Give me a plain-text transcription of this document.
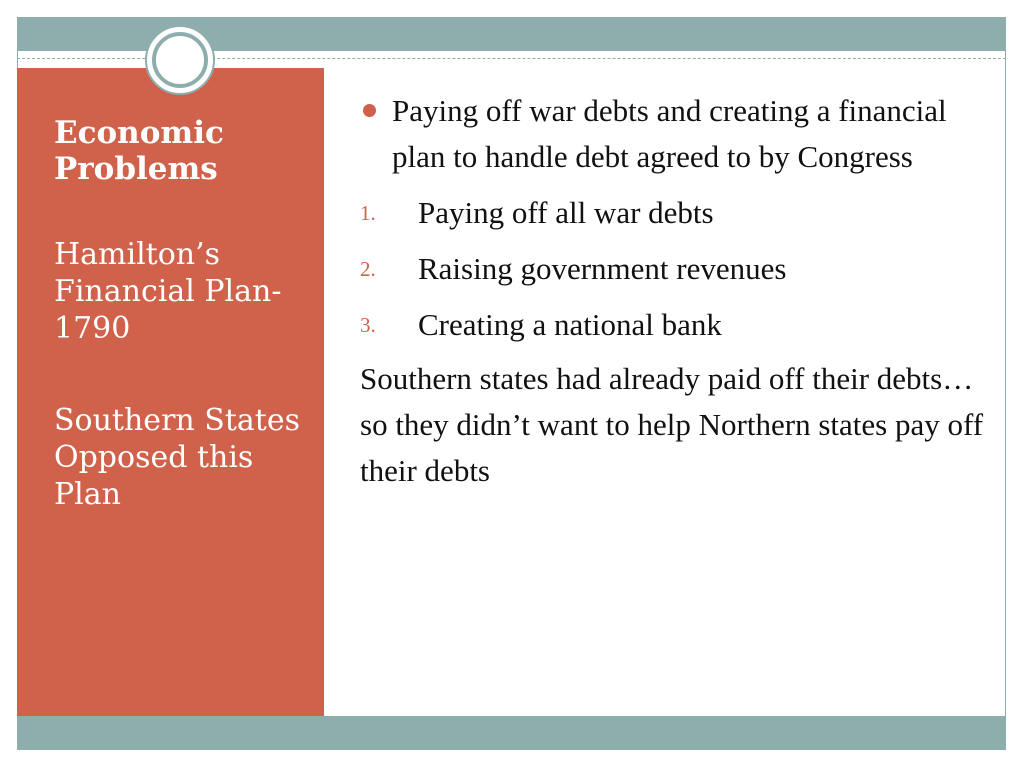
Economic Problems

Hamilton’s Financial Plan-1790

Southern States Opposed this Plan

Paying off war debts and creating a financial plan to handle debt agreed to by Congress
1. Paying off all war debts
2. Raising government revenues
3. Creating a national bank
Southern states had already paid off their debts…so they didn’t want to help Northern states pay off their debts
